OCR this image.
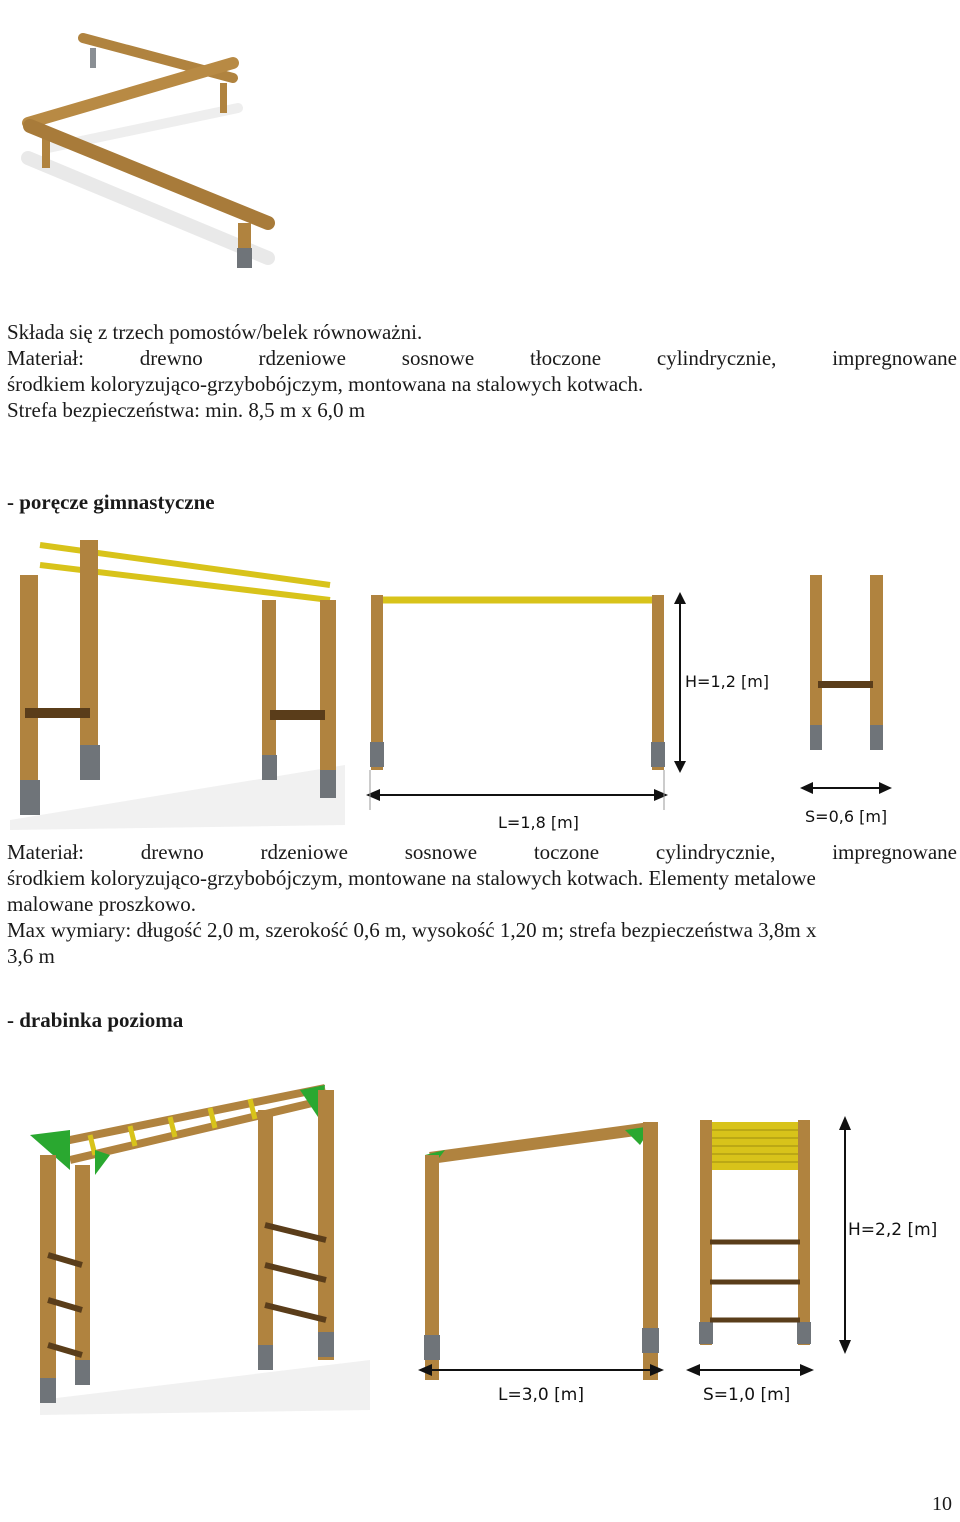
Składa się z trzech pomostów/belek równoważni.
Materiał: drewno rdzeniowe sosnowe tłoczone cylindrycznie, impregnowane
środkiem koloryzująco-grzybobójczym, montowana na stalowych kotwach.
Strefa bezpieczeństwa: min. 8,5 m x 6,0 m
- poręcze gimnastyczne
H=1,2 [m]
L=1,8 [m]	S=0,6 [m]
Materiał: drewno rdzeniowe sosnowe toczone cylindrycznie, impregnowane
środkiem koloryzująco-grzybobójczym, montowane na stalowych kotwach. Elementy metalowe
malowane proszkowo.
Max wymiary: długość 2,0 m, szerokość 0,6 m, wysokość 1,20 m; strefa bezpieczeństwa 3,8m x
3,6 m
- drabinka pozioma
H=2,2 [m]
L=3,0 [m]	S=1,0 [m]
10
